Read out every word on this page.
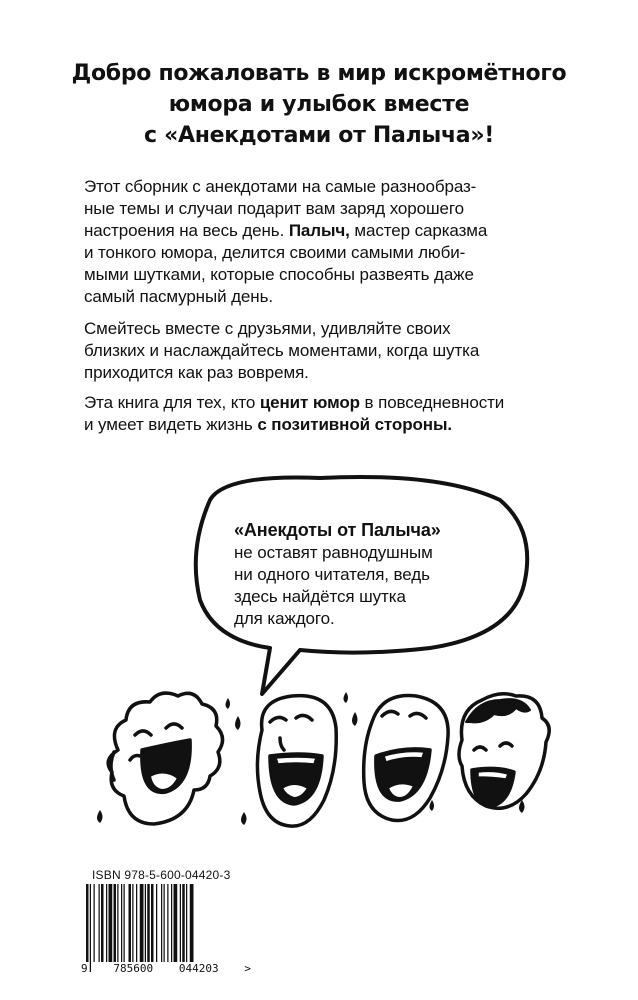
Добро пожаловать в мир искромётного
юмора и улыбок вместе
с «Анекдотами от Палыча»!
Этот сборник с анекдотами на самые разнообраз-
ные темы и случаи подарит вам заряд хорошего
настроения на весь день. Палыч, мастер сарказма
и тонкого юмора, делится своими самыми люби-
мыми шутками, которые способны развеять даже
самый пасмурный день.
Смейтесь вместе с друзьями, удивляйте своих
близких и наслаждайтесь моментами, когда шутка
приходится как раз вовремя.
Эта книга для тех, кто ценит юмор в повседневности
и умеет видеть жизнь с позитивной стороны.
«Анекдоты от Палыча»
не оставят равнодушным
ни одного читателя, ведь
здесь найдётся шутка
для каждого.
ISBN 978-5-600-04420-3
9 785600 044203 >
